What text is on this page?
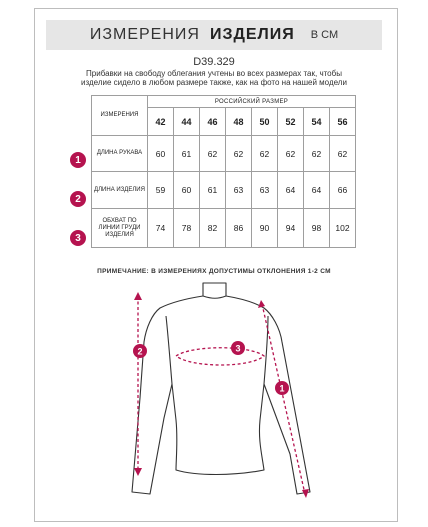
ИЗМЕРЕНИЯ ИЗДЕЛИЯ В СМ
D39.329
Прибавки на свободу облегания учтены во всех размерах так, чтобы изделие сидело в любом размере также, как на фото на нашей модели
ИЗМЕРЕНИЯ	РОССИЙСКИЙ РАЗМЕР							
	42	44	46	48	50	52	54	56
ДЛИНА РУКАВА	60	61	62	62	62	62	62	62
ДЛИНА ИЗДЕЛИЯ	59	60	61	63	63	64	64	66
ОБХВАТ ПО ЛИНИИ ГРУДИ ИЗДЕЛИЯ	74	78	82	86	90	94	98	102
1
2
3
ПРИМЕЧАНИЕ: В ИЗМЕРЕНИЯХ ДОПУСТИМЫ ОТКЛОНЕНИЯ 1-2 СМ
2	3
1
